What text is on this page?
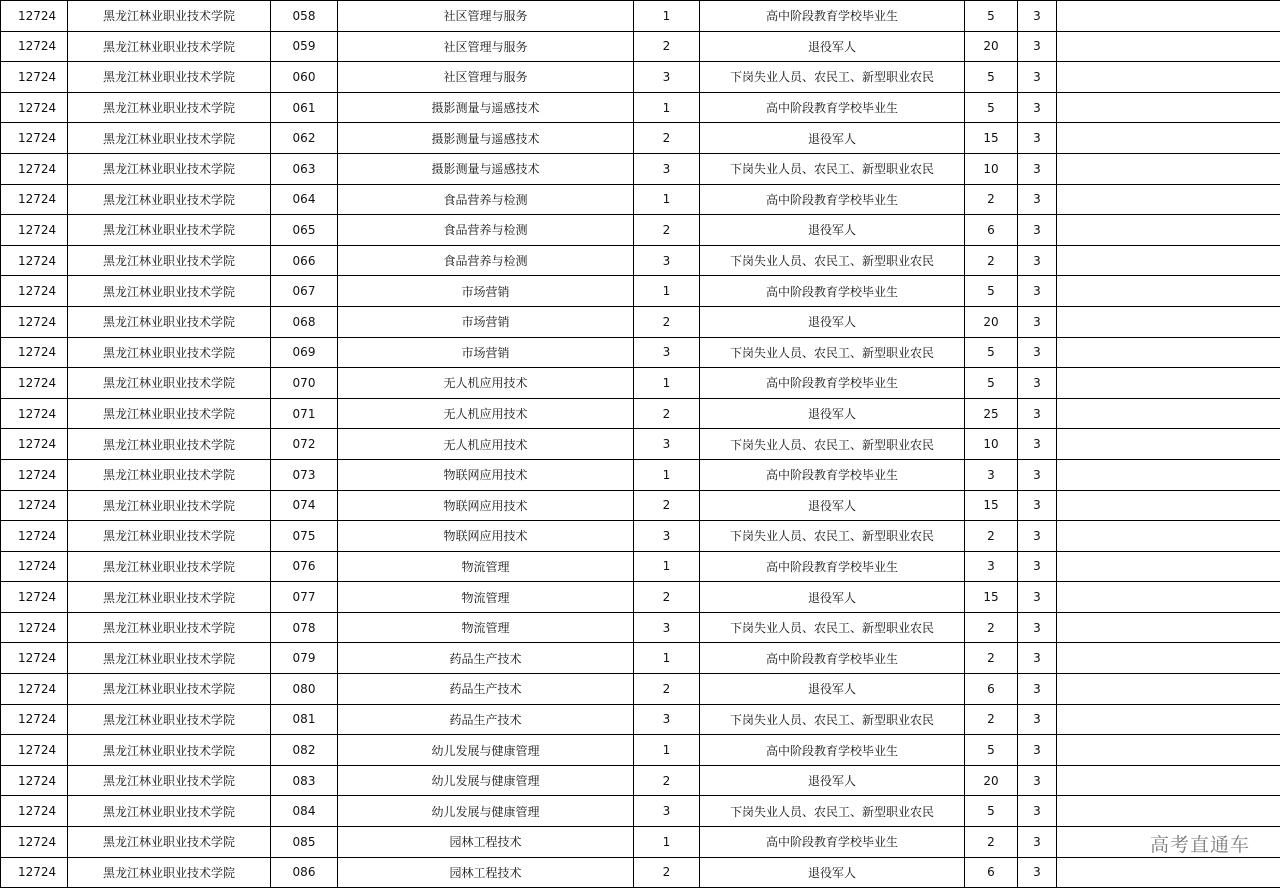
12724	黑龙江林业职业技术学院	058	社区管理与服务	1	高中阶段教育学校毕业生	5	3	
12724	黑龙江林业职业技术学院	059	社区管理与服务	2	退役军人	20	3	
12724	黑龙江林业职业技术学院	060	社区管理与服务	3	下岗失业人员、农民工、新型职业农民	5	3	
12724	黑龙江林业职业技术学院	061	摄影测量与遥感技术	1	高中阶段教育学校毕业生	5	3	
12724	黑龙江林业职业技术学院	062	摄影测量与遥感技术	2	退役军人	15	3	
12724	黑龙江林业职业技术学院	063	摄影测量与遥感技术	3	下岗失业人员、农民工、新型职业农民	10	3	
12724	黑龙江林业职业技术学院	064	食品营养与检测	1	高中阶段教育学校毕业生	2	3	
12724	黑龙江林业职业技术学院	065	食品营养与检测	2	退役军人	6	3	
12724	黑龙江林业职业技术学院	066	食品营养与检测	3	下岗失业人员、农民工、新型职业农民	2	3	
12724	黑龙江林业职业技术学院	067	市场营销	1	高中阶段教育学校毕业生	5	3	
12724	黑龙江林业职业技术学院	068	市场营销	2	退役军人	20	3	
12724	黑龙江林业职业技术学院	069	市场营销	3	下岗失业人员、农民工、新型职业农民	5	3	
12724	黑龙江林业职业技术学院	070	无人机应用技术	1	高中阶段教育学校毕业生	5	3	
12724	黑龙江林业职业技术学院	071	无人机应用技术	2	退役军人	25	3	
12724	黑龙江林业职业技术学院	072	无人机应用技术	3	下岗失业人员、农民工、新型职业农民	10	3	
12724	黑龙江林业职业技术学院	073	物联网应用技术	1	高中阶段教育学校毕业生	3	3	
12724	黑龙江林业职业技术学院	074	物联网应用技术	2	退役军人	15	3	
12724	黑龙江林业职业技术学院	075	物联网应用技术	3	下岗失业人员、农民工、新型职业农民	2	3	
12724	黑龙江林业职业技术学院	076	物流管理	1	高中阶段教育学校毕业生	3	3	
12724	黑龙江林业职业技术学院	077	物流管理	2	退役军人	15	3	
12724	黑龙江林业职业技术学院	078	物流管理	3	下岗失业人员、农民工、新型职业农民	2	3	
12724	黑龙江林业职业技术学院	079	药品生产技术	1	高中阶段教育学校毕业生	2	3	
12724	黑龙江林业职业技术学院	080	药品生产技术	2	退役军人	6	3	
12724	黑龙江林业职业技术学院	081	药品生产技术	3	下岗失业人员、农民工、新型职业农民	2	3	
12724	黑龙江林业职业技术学院	082	幼儿发展与健康管理	1	高中阶段教育学校毕业生	5	3	
12724	黑龙江林业职业技术学院	083	幼儿发展与健康管理	2	退役军人	20	3	
12724	黑龙江林业职业技术学院	084	幼儿发展与健康管理	3	下岗失业人员、农民工、新型职业农民	5	3	
12724	黑龙江林业职业技术学院	085	园林工程技术	1	高中阶段教育学校毕业生	2	3	
12724	黑龙江林业职业技术学院	086	园林工程技术	2	退役军人	6	3	
高考直通车
